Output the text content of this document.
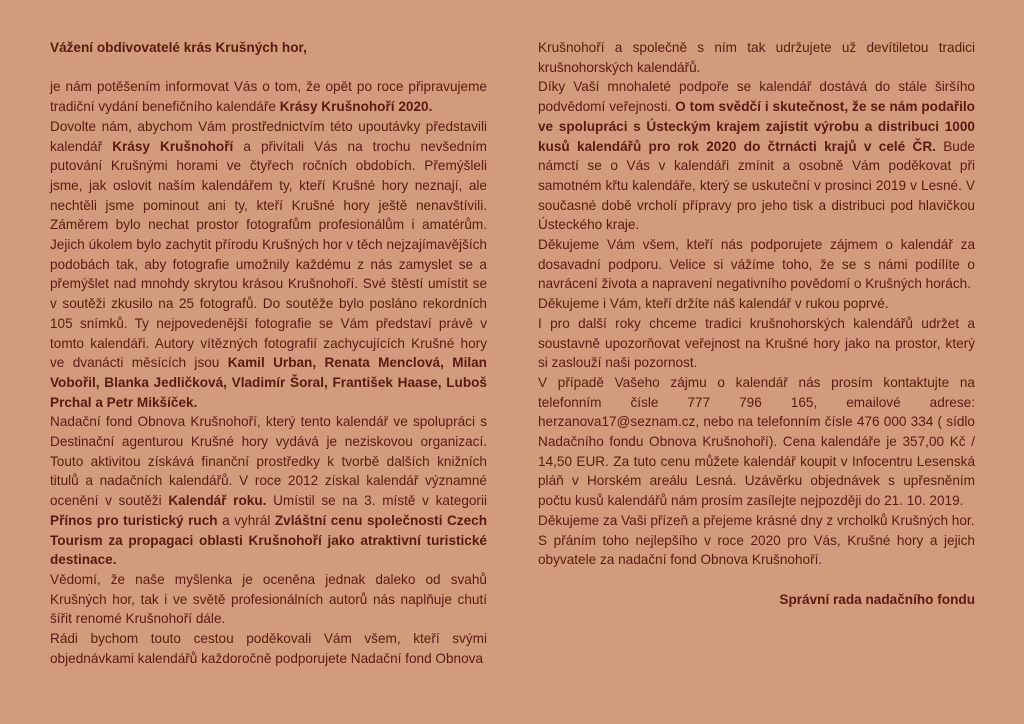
Vážení obdivovatelé krás Krušných hor,

je nám potěšením informovat Vás o tom, že opět po roce připravujeme tradiční vydání benefičního kalendáře Krásy Krušnohoří 2020.

Dovolte nám, abychom Vám prostřednictvím této upoutávky představili kalendář Krásy Krušnohoří a přivítali Vás na trochu nevšedním putování Krušnými horami ve čtyřech ročních obdobích. Přemýšleli jsme, jak oslovit naším kalendářem ty, kteří Krušné hory neznají, ale nechtěli jsme pominout ani ty, kteří Krušné hory ještě nenavštívili. Záměrem bylo nechat prostor fotografům profesionálům i amatérům. Jejich úkolem bylo zachytit přírodu Krušných hor v těch nejzajímavějších podobách tak, aby fotografie umožnily každému z nás zamyslet se a přemýšlet nad mnohdy skrytou krásou Krušnohoří. Své štěstí umístit se v soutěži zkusilo na 25 fotografů. Do soutěže bylo posláno rekordních 105 snímků. Ty nejpovedenější fotografie se Vám představí právě v tomto kalendáři. Autory vítězných fotografií zachycujících Krušné hory ve dvanácti měsících jsou Kamil Urban, Renata Menclová, Milan Vobořil, Blanka Jedličková, Vladimír Šoral, František Haase, Luboš Prchal a Petr Mikšíček.

Nadační fond Obnova Krušnohoří, který tento kalendář ve spolupráci s Destinační agenturou Krušné hory vydává je neziskovou organizací. Touto aktivitou získává finanční prostředky k tvorbě dalších knižních titulů a nadačních kalendářů. V roce 2012 získal kalendář významné ocenění v soutěži Kalendář roku. Umístil se na 3. místě v kategorii Přínos pro turistický ruch a vyhrál Zvláštní cenu společnosti Czech Tourism za propagaci oblasti Krušnohoří jako atraktivní turistické destinace.

Vědomí, že naše myšlenka je oceněna jednak daleko od svahů Krušných hor, tak i ve světě profesionálních autorů nás naplňuje chutí šířit renomé Krušnohoří dále.

Rádi bychom touto cestou poděkovali Vám všem, kteří svými objednávkami kalendářů každoročně podporujete Nadační fond Obnova

Krušnohoří a společně s ním tak udržujete už devítiletou tradici krušnohorských kalendářů.

Díky Vaší mnohaleté podpoře se kalendář dostává do stále širšího podvědomí veřejnosti. O tom svědčí i skutečnost, že se nám podařilo ve spolupráci s Ústeckým krajem zajistit výrobu a distribuci 1000 kusů kalendářů pro rok 2020 do čtrnácti krajů v celé ČR. Bude námctí se o Vás v kalendáři zmínit a osobně Vám poděkovat při samotném křtu kalendáře, který se uskuteční v prosinci 2019 v Lesné. V současné době vrcholí přípravy pro jeho tisk a distribuci pod hlavičkou Ústeckého kraje.

Děkujeme Vám všem, kteří nás podporujete zájmem o kalendář za dosavadní podporu. Velice si vážíme toho, že se s námi podílíte o navrácení života a napravení negativního povědomí o Krušných horách.

Děkujeme i Vám, kteří držíte náš kalendář v rukou poprvé.

I pro další roky chceme tradici krušnohorských kalendářů udržet a soustavně upozorňovat veřejnost na Krušné hory jako na prostor, který si zaslouží naši pozornost.

V případě Vašeho zájmu o kalendář nás prosím kontaktujte na telefonním čísle 777 796 165, emailové adrese: herzanova17@seznam.cz, nebo na telefonním čísle 476 000 334 ( sídlo Nadačního fondu Obnova Krušnohoří). Cena kalendáře je 357,00 Kč / 14,50 EUR. Za tuto cenu můžete kalendář koupit v Infocentru Lesenská pláň v Horském areálu Lesná. Uzávěrku objednávek s upřesněním počtu kusů kalendářů nám prosím zasílejte nejpozději do 21. 10. 2019.

Děkujeme za Vaši přízeň a přejeme krásné dny z vrcholků Krušných hor.

S přáním toho nejlepšího v roce 2020 pro Vás, Krušné hory a jejich obyvatele za nadační fond Obnova Krušnohoří.

Správní rada nadačního fondu
